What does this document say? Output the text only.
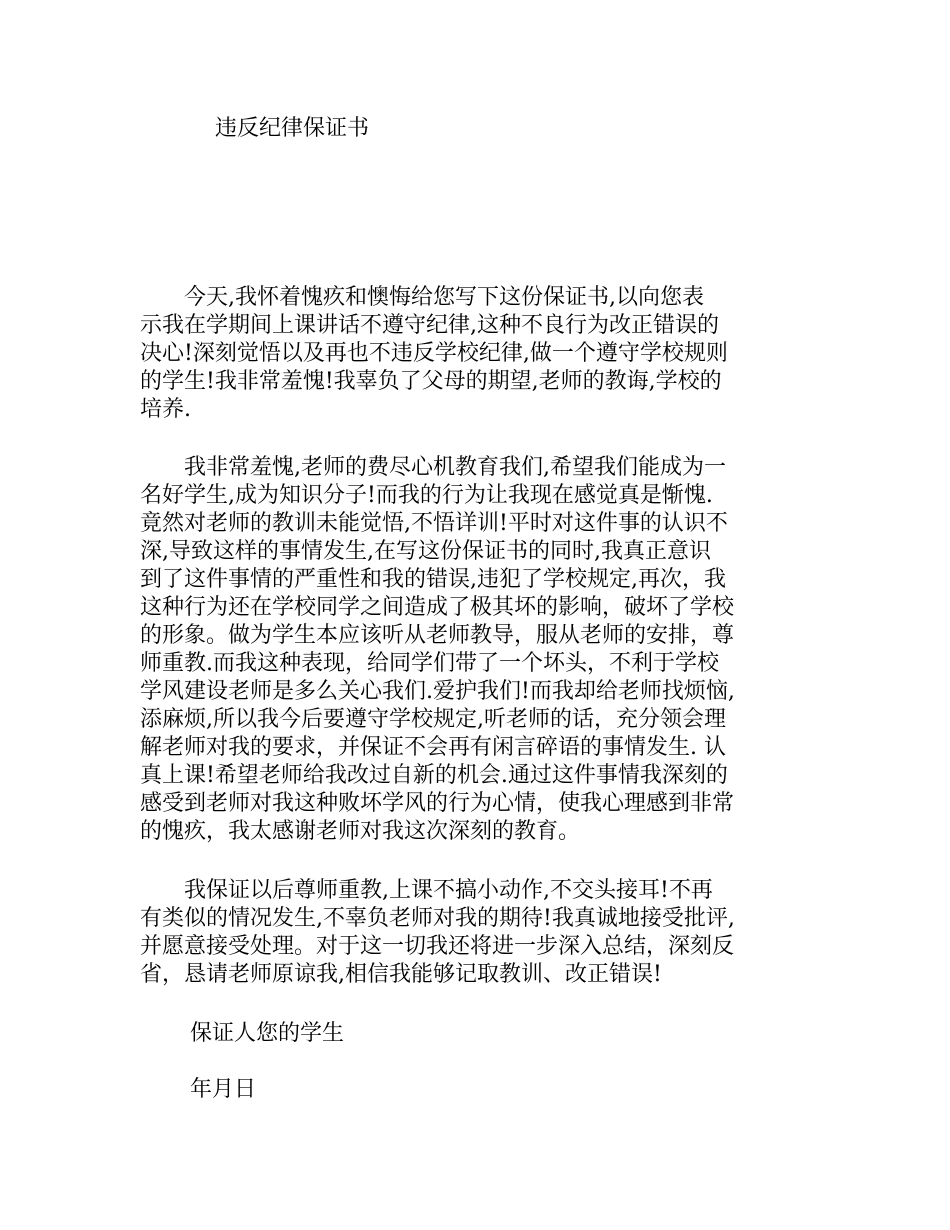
违反纪律保证书
　　今天,我怀着愧疚和懊悔给您写下这份保证书,以向您表
示我在学期间上课讲话不遵守纪律,这种不良行为改正错误的
决心!深刻觉悟以及再也不违反学校纪律,做一个遵守学校规则
的学生!我非常羞愧!我辜负了父母的期望,老师的教诲,学校的
培养.
　　我非常羞愧,老师的费尽心机教育我们,希望我们能成为一
名好学生,成为知识分子!而我的行为让我现在感觉真是惭愧.
竟然对老师的教训未能觉悟,不悟详训!平时对这件事的认识不
深,导致这样的事情发生,在写这份保证书的同时,我真正意识
到了这件事情的严重性和我的错误,违犯了学校规定,再次，我
这种行为还在学校同学之间造成了极其坏的影响，破坏了学校
的形象。做为学生本应该听从老师教导，服从老师的安排，尊
师重教.而我这种表现，给同学们带了一个坏头，不利于学校
学风建设老师是多么关心我们.爱护我们!而我却给老师找烦恼,
添麻烦,所以我今后要遵守学校规定,听老师的话，充分领会理
解老师对我的要求，并保证不会再有闲言碎语的事情发生. 认
真上课!希望老师给我改过自新的机会.通过这件事情我深刻的
感受到老师对我这种败坏学风的行为心情，使我心理感到非常
的愧疚，我太感谢老师对我这次深刻的教育。
　　我保证以后尊师重教,上课不搞小动作,不交头接耳!不再
有类似的情况发生,不辜负老师对我的期待!我真诚地接受批评,
并愿意接受处理。对于这一切我还将进一步深入总结，深刻反
省，恳请老师原谅我,相信我能够记取教训、改正错误!
保证人您的学生
年月日
